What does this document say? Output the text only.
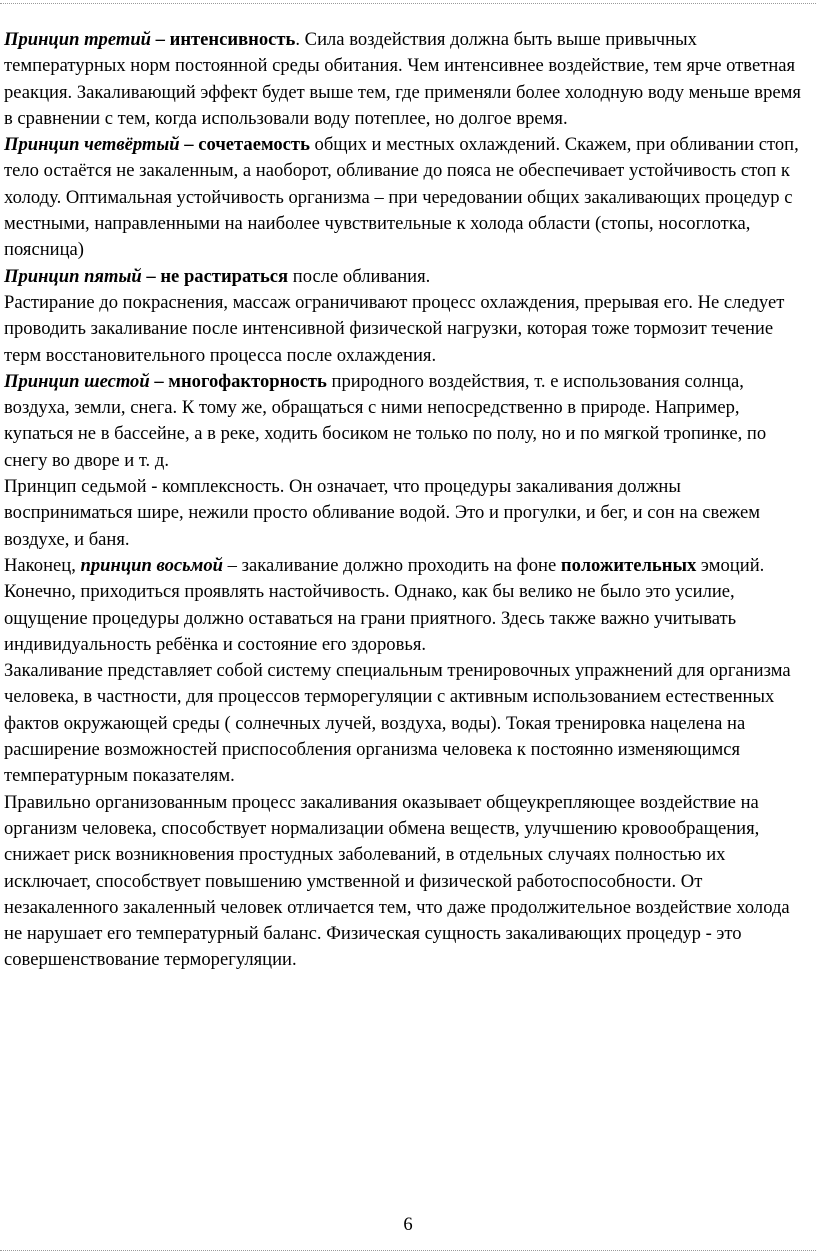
Принцип третий – интенсивность. Сила воздействия должна быть выше привычных температурных норм постоянной среды обитания. Чем интенсивнее воздействие, тем ярче ответная реакция. Закаливающий эффект будет выше тем, где применяли более холодную воду меньше время в сравнении с тем, когда использовали воду потеплее, но долгое время.

Принцип четвёртый – сочетаемость общих и местных охлаждений. Скажем, при обливании стоп, тело остаётся не закаленным, а наоборот, обливание до пояса не обеспечивает устойчивость стоп к холоду. Оптимальная устойчивость организма – при чередовании общих закаливающих процедур с местными, направленными на наиболее чувствительные к холода области (стопы, носоглотка, поясница)

Принцип пятый – не растираться после обливания.

Растирание до покраснения, массаж ограничивают процесс охлаждения, прерывая его. Не следует проводить закаливание после интенсивной физической нагрузки, которая тоже тормозит течение терм восстановительного процесса после охлаждения.

Принцип шестой – многофакторность природного воздействия, т. е использования солнца, воздуха, земли, снега. К тому же, обращаться с ними непосредственно в природе. Например, купаться не в бассейне, а в реке, ходить босиком не только по полу, но и по мягкой тропинке, по снегу во дворе и т. д.

Принцип седьмой - комплексность. Он означает, что процедуры закаливания должны восприниматься шире, нежили просто обливание водой. Это и прогулки, и бег, и сон на свежем воздухе, и баня.

Наконец, принцип восьмой – закаливание должно проходить на фоне положительных эмоций. Конечно, приходиться проявлять настойчивость. Однако, как бы велико не было это усилие, ощущение процедуры должно оставаться на грани приятного. Здесь также важно учитывать индивидуальность ребёнка и состояние его здоровья.

Закаливание представляет собой систему специальным тренировочных упражнений для организма человека, в частности, для процессов терморегуляции с активным использованием естественных фактов окружающей среды ( солнечных лучей, воздуха, воды). Токая тренировка нацелена на расширение возможностей приспособления организма человека к постоянно изменяющимся температурным показателям.

Правильно организованным процесс закаливания оказывает общеукрепляющее воздействие на организм человека, способствует нормализации обмена веществ, улучшению кровообращения, снижает риск возникновения простудных заболеваний, в отдельных случаях полностью их исключает, способствует повышению умственной и физической работоспособности. От незакаленного закаленный человек отличается тем, что даже продолжительное воздействие холода не нарушает его температурный баланс. Физическая сущность закаливающих процедур - это совершенствование терморегуляции.

6
